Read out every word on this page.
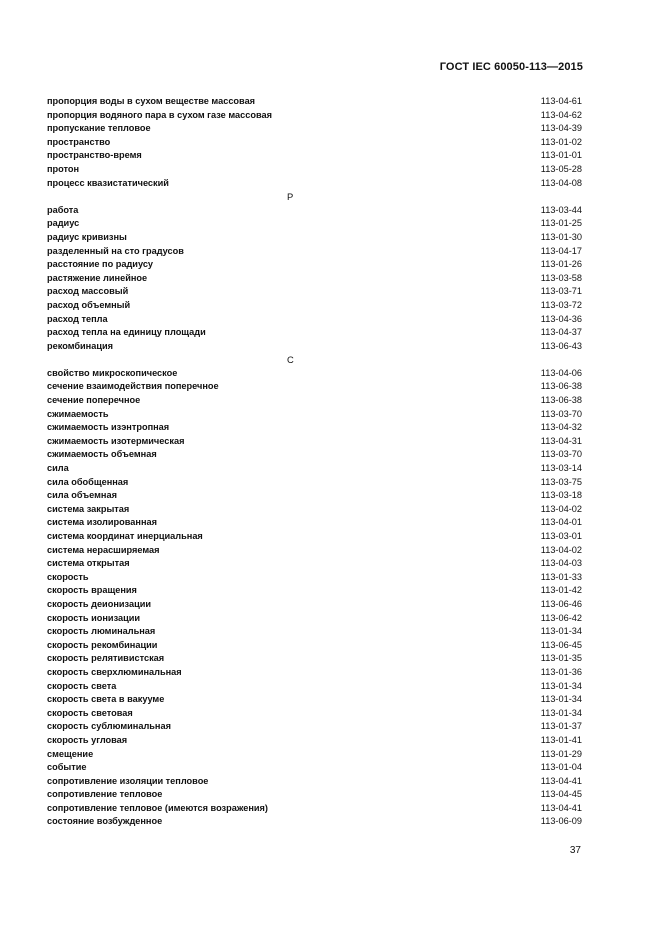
ГОСТ IEC 60050-113—2015
пропорция воды в сухом веществе массовая	113-04-61
пропорция водяного пара в сухом газе массовая	113-04-62
пропускание тепловое	113-04-39
пространство	113-01-02
пространство-время	113-01-01
протон	113-05-28
процесс квазистатический	113-04-08
Р
работа	113-03-44
радиус	113-01-25
радиус кривизны	113-01-30
разделенный на сто градусов	113-04-17
расстояние по радиусу	113-01-26
растяжение линейное	113-03-58
расход массовый	113-03-71
расход объемный	113-03-72
расход тепла	113-04-36
расход тепла на единицу площади	113-04-37
рекомбинация	113-06-43
С
свойство микроскопическое	113-04-06
сечение взаимодействия поперечное	113-06-38
сечение поперечное	113-06-38
сжимаемость	113-03-70
сжимаемость изэнтропная	113-04-32
сжимаемость изотермическая	113-04-31
сжимаемость объемная	113-03-70
сила	113-03-14
сила обобщенная	113-03-75
сила объемная	113-03-18
система закрытая	113-04-02
система изолированная	113-04-01
система координат инерциальная	113-03-01
система нерасширяемая	113-04-02
система открытая	113-04-03
скорость	113-01-33
скорость вращения	113-01-42
скорость деионизации	113-06-46
скорость ионизации	113-06-42
скорость люминальная	113-01-34
скорость рекомбинации	113-06-45
скорость релятивистская	113-01-35
скорость сверхлюминальная	113-01-36
скорость света	113-01-34
скорость света в вакууме	113-01-34
скорость световая	113-01-34
скорость сублюминальная	113-01-37
скорость угловая	113-01-41
смещение	113-01-29
событие	113-01-04
сопротивление изоляции тепловое	113-04-41
сопротивление тепловое	113-04-45
сопротивление тепловое (имеются возражения)	113-04-41
состояние возбужденное	113-06-09
37
